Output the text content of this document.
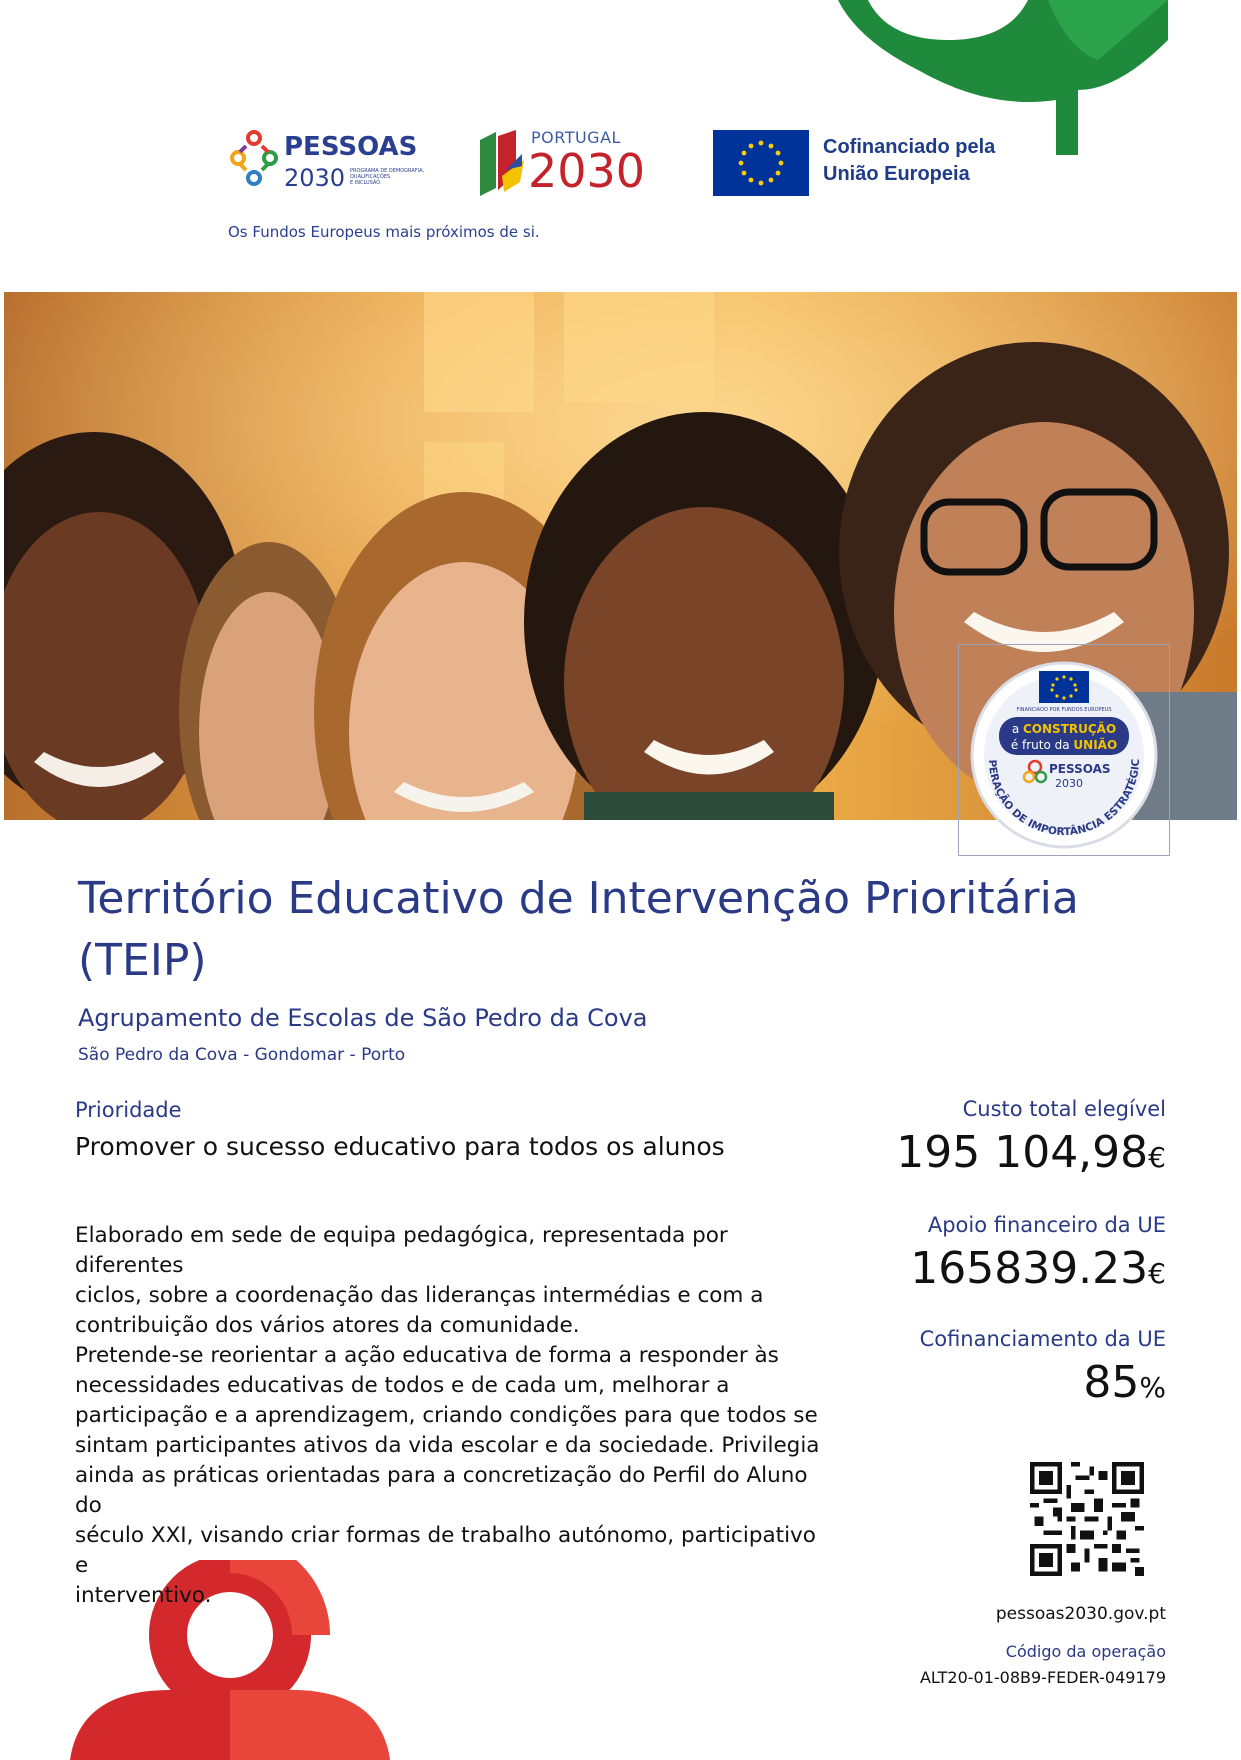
PESSOAS
2030 PROGRAMA DE DEMOGRAFIA,
QUALIFICAÇÕES
E INCLUSÃO
Os Fundos Europeus mais próximos de si.
PORTUGAL
2030	Cofinanciado pela
União Europeia
FINANCIADO POR FUNDOS EUROPEUS
a CONSTRUÇÃO
é fruto da UNIÃO
PESSOAS
2030
PERAÇÃO DE IMPORTÂNCIA ESTRATÉGIC
Território Educativo de Intervenção Prioritária
(TEIP)
Agrupamento de Escolas de São Pedro da Cova
São Pedro da Cova - Gondomar - Porto
Prioridade
Promover o sucesso educativo para todos os alunos

Elaborado em sede de equipa pedagógica, representada por diferentes

ciclos, sobre a coordenação das lideranças intermédias e com a

contribuição dos vários atores da comunidade.

Pretende-se reorientar a ação educativa de forma a responder às

necessidades educativas de todos e de cada um, melhorar a

participação e a aprendizagem, criando condições para que todos se

sintam participantes ativos da vida escolar e da sociedade. Privilegia

ainda as práticas orientadas para a concretização do Perfil do Aluno do

século XXI, visando criar formas de trabalho autónomo, participativo e

interventivo.

Custo total elegível
195 104,98€
Apoio financeiro da UE
165839.23€
Cofinanciamento da UE
85%
pessoas2030.gov.pt
Código da operação
ALT20-01-08B9-FEDER-049179
